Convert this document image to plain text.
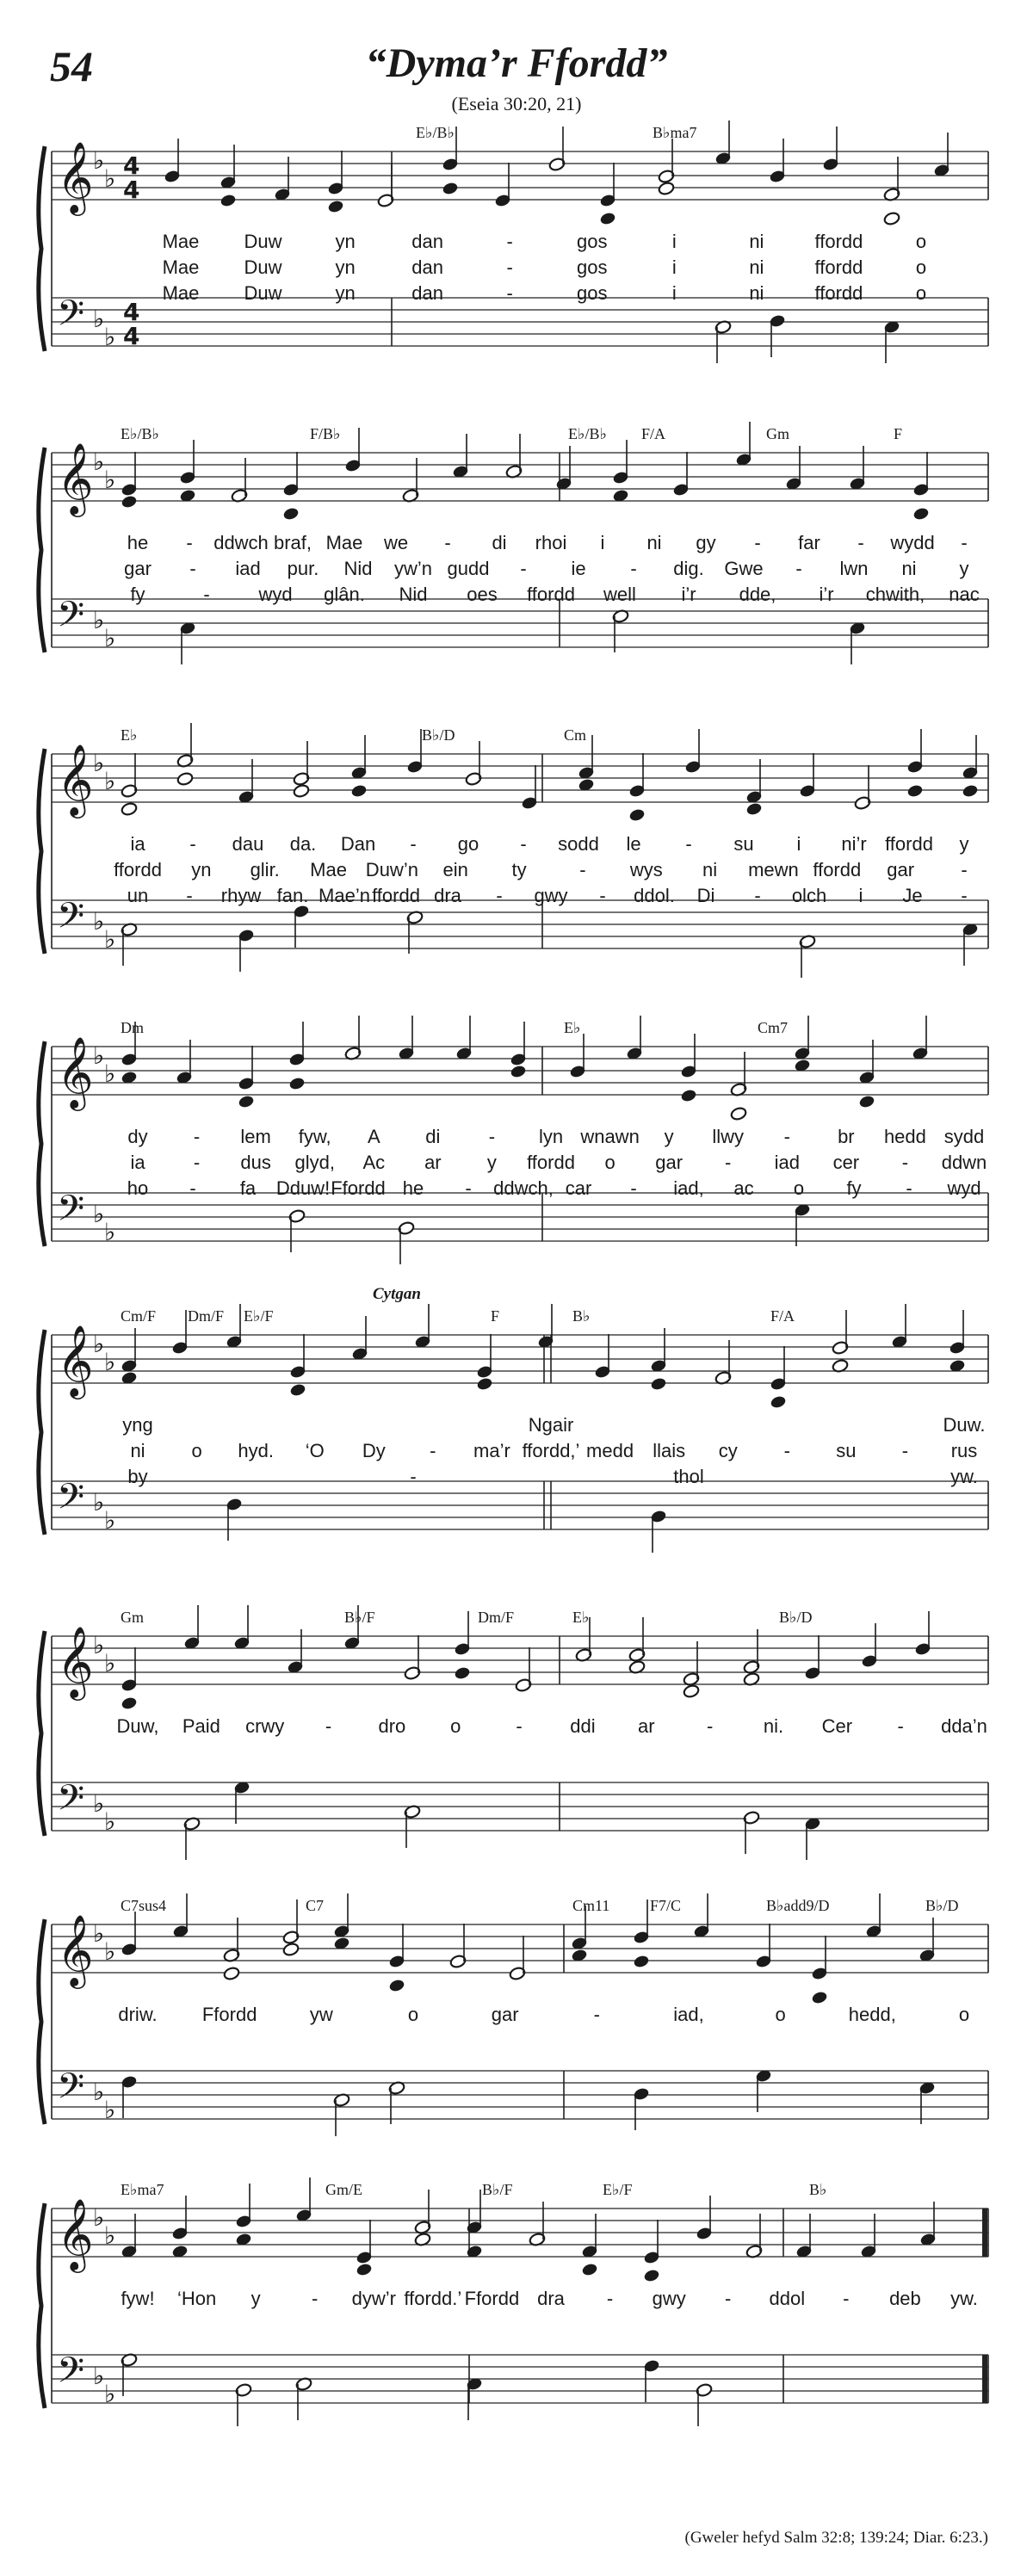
54	“Dyma’r Ffordd”
(Eseia 30:20, 21)
E♭/B♭	B♭ma7
𝄞
𝄢
♭
♭
♭
♭
4
4
4
4
Mae Duw	yn	dan	-	gos	i	ni	ffordd	o
Mae Duw	yn	dan	-	gos	i	ni	ffordd	o
Mae Duw	yn	dan	-	gos	i	ni	ffordd	o
E♭/B♭	F/B♭	E♭/B♭ F/A	Gm	F
𝄞
𝄢
♭
♭
♭
♭
he - ddwch braf, Mae we - di rhoi i ni gy - far - wydd -
gar - iad pur. Nid yw’n gudd - ie - dig. Gwe - lwn ni y
fy	-	wyd glân. Nid oes ffordd well i’r dde, i’r chwith, nac
E♭	B♭/D	Cm
𝄞
𝄢
♭
♭
♭
♭
ia - dau da. Dan - go - sodd le - su i ni’r ffordd y
ffordd yn glir. Mae Duw’n ein ty	- wys ni mewn ffordd gar -
un - rhyw fan. Mae’n ffordd dra - gwy - ddol. Di - olch i Je -
Dm	E♭	Cm7
𝄞
𝄢
♭
♭
♭
♭
dy - lem fyw, A di	- lyn wnawn y llwy -	br hedd sydd
ia	- dus glyd, Ac ar y ffordd o gar - iad cer - ddwn
ho - fa Dduw! Ffordd he - ddwch, car - iad, ac o fy - wyd
Cm/F Dm/F E♭/F	F	B♭	F/A
Cytgan
𝄞
𝄢
♭
♭
♭
♭
yng	Ngair	Duw.
ni o hyd. ‘O Dy - ma’r ffordd,’ medd llais cy - su - rus
by	-	thol	yw.
Gm	B♭/F	Dm/F	E♭	B♭/D
𝄞
𝄢
♭
♭
♭
♭
Duw, Paid crwy - dro o	-	ddi ar	-	ni. Cer - dda’n
C7sus4	C7	Cm11	F7/C	B♭add9/D	B♭/D
𝄞
𝄢
♭
♭
♭
♭
driw. Ffordd	yw	o	gar	-	iad,	o	hedd,	o
E♭ma7	Gm/E	B♭/F	E♭/F	B♭
𝄞
𝄢
♭
♭
♭
♭
fyw! ‘Hon y	- dyw’r ffordd.’ Ffordd dra - gwy - ddol - deb yw.
(Gweler hefyd Salm 32:8; 139:24; Diar. 6:23.)
